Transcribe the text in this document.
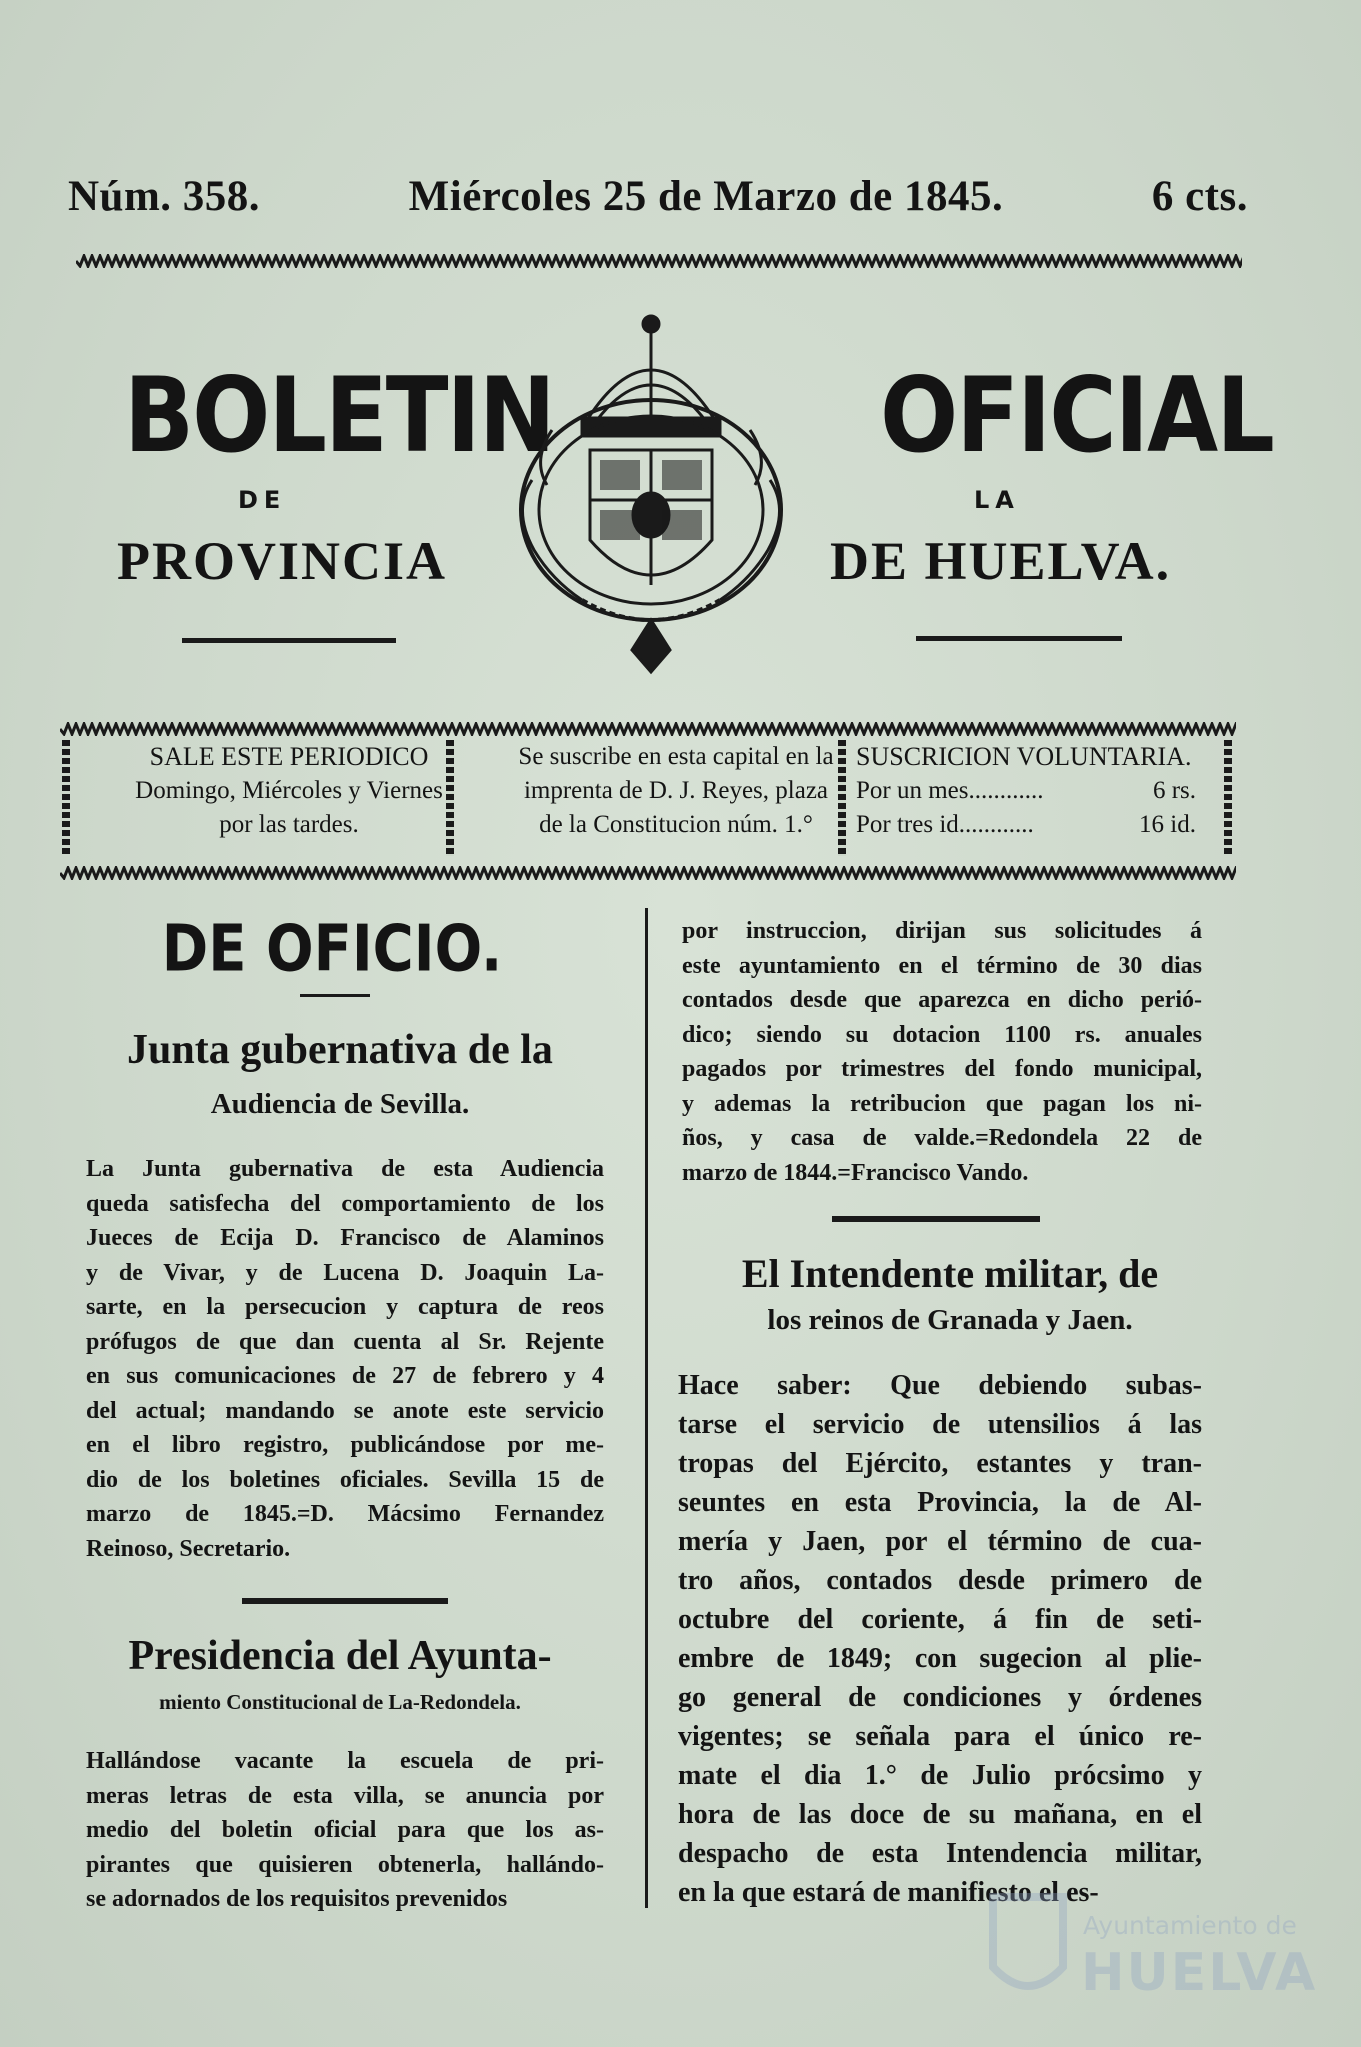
Núm. 358.	Miércoles 25 de Marzo de 1845.	6 cts.
BOLETIN
DE
PROVINCIA
OFICIAL
LA
DE HUELVA.
SALE ESTE PERIODICO
Domingo, Miércoles y Viernes
por las tardes.
Se suscribe en esta capital en la
imprenta de D. J. Reyes, plaza
de la Constitucion núm. 1.°
SUSCRICION VOLUNTARIA.
Por un mes............	6 rs.
Por tres id............	16 id.
DE OFICIO.
Junta gubernativa de la
Audiencia de Sevilla.
La Junta gubernativa de esta Audiencia
queda satisfecha del comportamiento de los
Jueces de Ecija D. Francisco de Alaminos
y de Vivar, y de Lucena D. Joaquin La-
sarte, en la persecucion y captura de reos
prófugos de que dan cuenta al Sr. Rejente
en sus comunicaciones de 27 de febrero y 4
del actual; mandando se anote este servicio
en el libro registro, publicándose por me-
dio de los boletines oficiales. Sevilla 15 de
marzo de 1845.=D. Mácsimo Fernandez
Reinoso, Secretario.
Presidencia del Ayunta-
miento Constitucional de La-Redondela.
Hallándose vacante la escuela de pri-
meras letras de esta villa, se anuncia por
medio del boletin oficial para que los as-
pirantes que quisieren obtenerla, hallándo-
se adornados de los requisitos prevenidos
por instruccion, dirijan sus solicitudes á
este ayuntamiento en el término de 30 dias
contados desde que aparezca en dicho perió-
dico; siendo su dotacion 1100 rs. anuales
pagados por trimestres del fondo municipal,
y ademas la retribucion que pagan los ni-
ños, y casa de valde.=Redondela 22 de
marzo de 1844.=Francisco Vando.
El Intendente militar, de
los reinos de Granada y Jaen.
Hace saber: Que debiendo subas-
tarse el servicio de utensilios á las
tropas del Ejército, estantes y tran-
seuntes en esta Provincia, la de Al-
mería y Jaen, por el término de cua-
tro años, contados desde primero de
octubre del coriente, á fin de seti-
embre de 1849; con sugecion al plie-
go general de condiciones y órdenes
vigentes; se señala para el único re-
mate el dia 1.° de Julio prócsimo y
hora de las doce de su mañana, en el
despacho de esta Intendencia militar,
en la que estará de manifiesto el es-
Ayuntamiento de
HUELVA
